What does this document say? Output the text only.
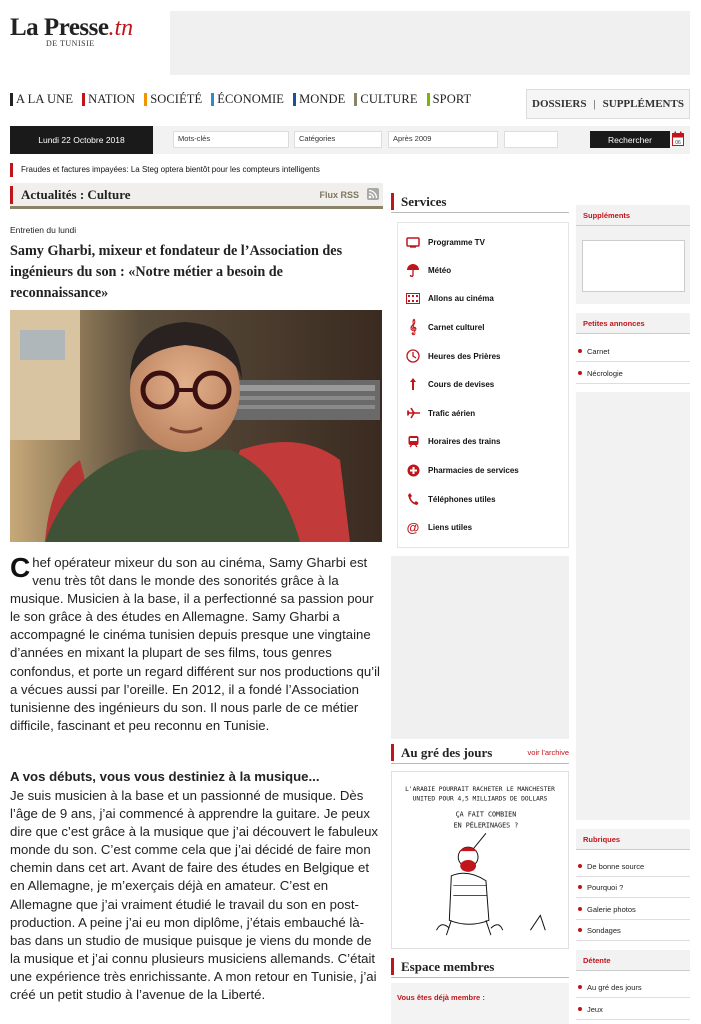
La Presse.tn
DE TUNISIE
A LA UNE NATION SOCIÉTÉ ÉCONOMIE MONDE CULTURE SPORT	DOSSIERS | SUPPLÉMENTS
Lundi 22 Octobre 2018	Mots-clés	Catégories	Après 2009	Rechercher	06
Fraudes et factures impayées: La Steg optera bientôt pour les compteurs intelligents
Actualités : Culture	Flux RSS
Entretien du lundi
Samy Gharbi, mixeur et fondateur de l’Association des ingénieurs du son : «Notre métier a besoin de reconnaissance»
Chef opérateur mixeur du son au cinéma, Samy Gharbi est venu très tôt dans le monde des sonorités grâce à la musique. Musicien à la base, il a perfectionné sa passion pour le son grâce à des études en Allemagne. Samy Gharbi a accompagné le cinéma tunisien depuis presque une vingtaine d’années en mixant la plupart de ses films, tous genres confondus, et porte un regard différent sur nos productions qu’il a vécues aussi par l’oreille. En 2012, il a fondé l’Association tunisienne des ingénieurs du son. Il nous parle de ce métier difficile, fascinant et peu reconnu en Tunisie.
A vos débuts, vous vous destiniez à la musique...
Je suis musicien à la base et un passionné de musique. Dès l’âge de 9 ans, j’ai commencé à apprendre la guitare. Je peux dire que c’est grâce à la musique que j’ai découvert le fabuleux monde du son. C’est comme cela que j’ai décidé de faire mon chemin dans cet art. Avant de faire des études en Belgique et en Allemagne, je m’exerçais déjà en amateur. C’est en Allemagne que j’ai vraiment étudié le travail du son en post-production. A peine j’ai eu mon diplôme, j’étais embauché là-bas dans un studio de musique puisque je viens du monde de la musique et j’ai connu plusieurs musiciens allemands. C’était une expérience très enrichissante. A mon retour en Tunisie, j’ai créé un petit studio à l’avenue de la Liberté.
Services
Programme TV
Météo
Allons au cinéma
𝄞	Carnet culturel
Heures des Prières
Cours de devises
Trafic aérien
Horaires des trains
Pharmacies de services
Téléphones utiles
@	Liens utiles
Au gré des jours	voir l'archive
L'ARABIE POURRAIT RACHETER LE MANCHESTER
UNITED POUR 4,5 MILLIARDS DE DOLLARS
ÇA FAIT COMBIEN
EN PÉLERINAGES ?
Espace membres
Vous êtes déjà membre :
Suppléments
Petites annonces
Carnet
Nécrologie
Rubriques
De bonne source
Pourquoi ?
Galerie photos
Sondages
Détente
Au gré des jours
Jeux
